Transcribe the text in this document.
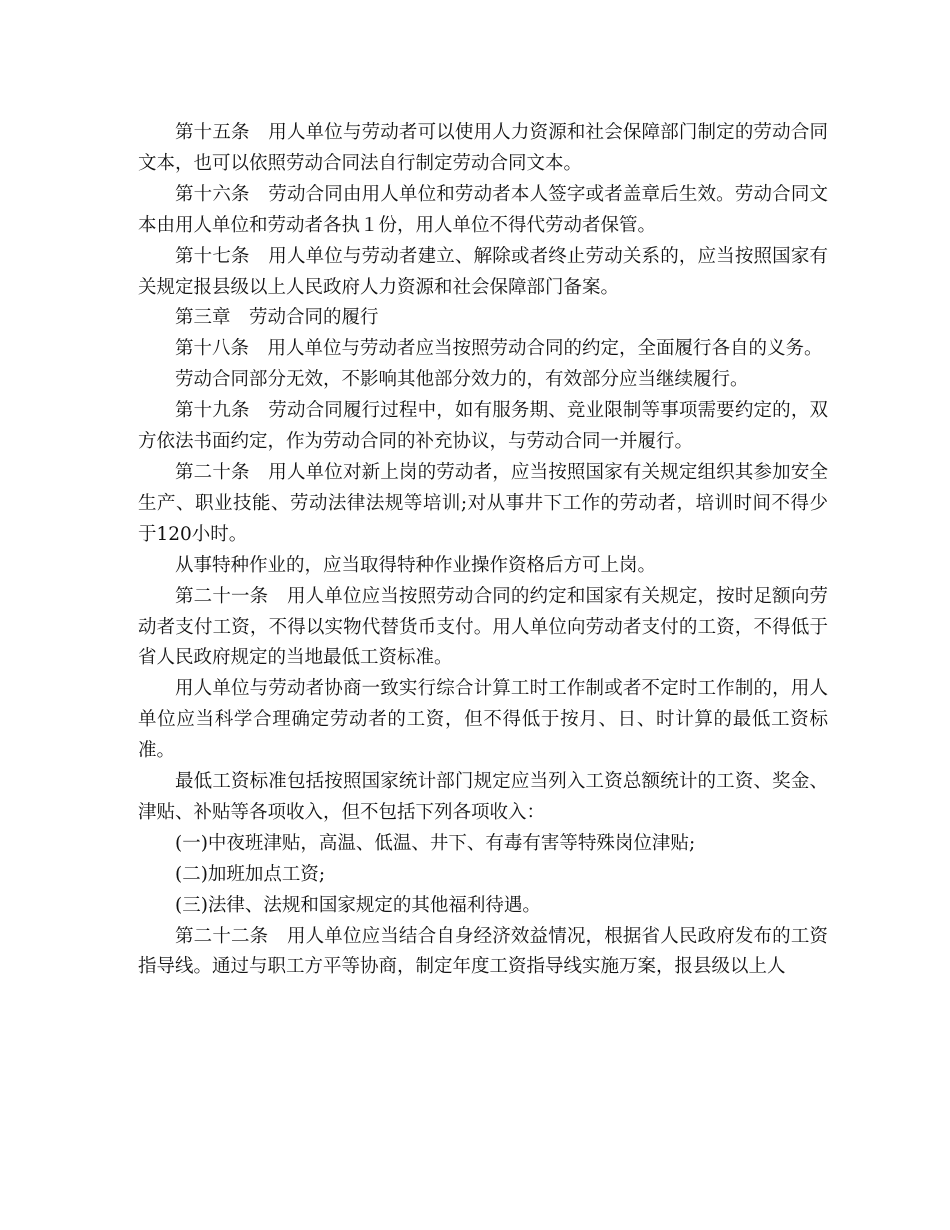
第十五条　用人单位与劳动者可以使用人力资源和社会保障部门制定的劳动合同文本，也可以依照劳动合同法自行制定劳动合同文本。

第十六条　劳动合同由用人单位和劳动者本人签字或者盖章后生效。劳动合同文本由用人单位和劳动者各执１份，用人单位不得代劳动者保管。

第十七条　用人单位与劳动者建立、解除或者终止劳动关系的，应当按照国家有关规定报县级以上人民政府人力资源和社会保障部门备案。

第三章　劳动合同的履行

第十八条　用人单位与劳动者应当按照劳动合同的约定，全面履行各自的义务。

劳动合同部分无效，不影响其他部分效力的，有效部分应当继续履行。

第十九条　劳动合同履行过程中，如有服务期、竞业限制等事项需要约定的，双方依法书面约定，作为劳动合同的补充协议，与劳动合同一并履行。

第二十条　用人单位对新上岗的劳动者，应当按照国家有关规定组织其参加安全生产、职业技能、劳动法律法规等培训;对从事井下工作的劳动者，培训时间不得少于120小时。

从事特种作业的，应当取得特种作业操作资格后方可上岗。

第二十一条　用人单位应当按照劳动合同的约定和国家有关规定，按时足额向劳动者支付工资，不得以实物代替货币支付。用人单位向劳动者支付的工资，不得低于省人民政府规定的当地最低工资标准。

用人单位与劳动者协商一致实行综合计算工时工作制或者不定时工作制的，用人单位应当科学合理确定劳动者的工资，但不得低于按月、日、时计算的最低工资标准。

最低工资标准包括按照国家统计部门规定应当列入工资总额统计的工资、奖金、津贴、补贴等各项收入，但不包括下列各项收入：

(一)中夜班津贴，高温、低温、井下、有毒有害等特殊岗位津贴;

(二)加班加点工资;

(三)法律、法规和国家规定的其他福利待遇。

第二十二条　用人单位应当结合自身经济效益情况，根据省人民政府发布的工资指导线。通过与职工方平等协商，制定年度工资指导线实施万案，报县级以上人
